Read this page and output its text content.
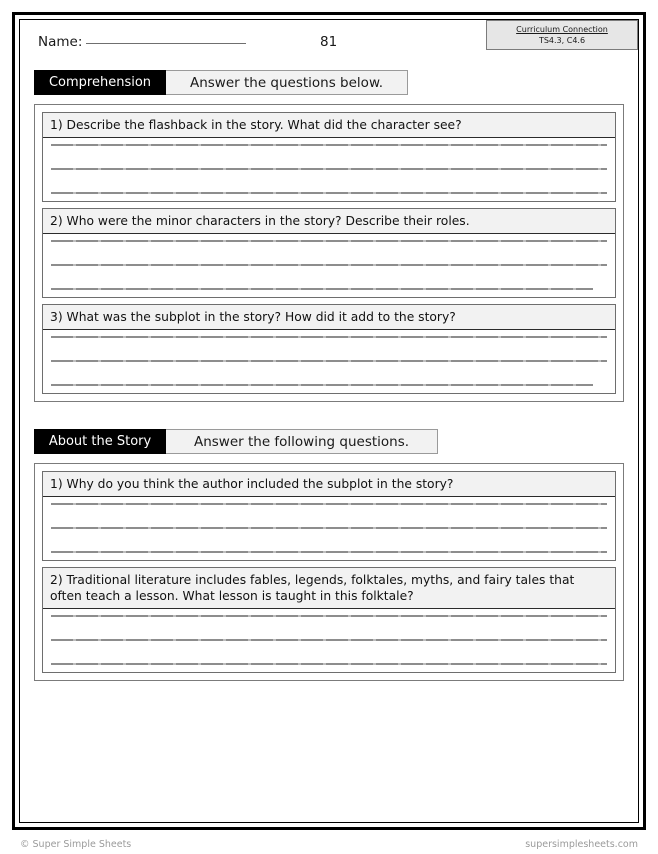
Name:	81
Curriculum Connection
TS4.3, C4.6
Comprehension	Answer the questions below.
1) Describe the flashback in the story. What did the character see?
2) Who were the minor characters in the story? Describe their roles.
3) What was the subplot in the story? How did it add to the story?
About the Story	Answer the following questions.
1) Why do you think the author included the subplot in the story?
2) Traditional literature includes fables, legends, folktales, myths, and fairy tales that often teach a lesson. What lesson is taught in this folktale?
© Super Simple Sheets	supersimplesheets.com
